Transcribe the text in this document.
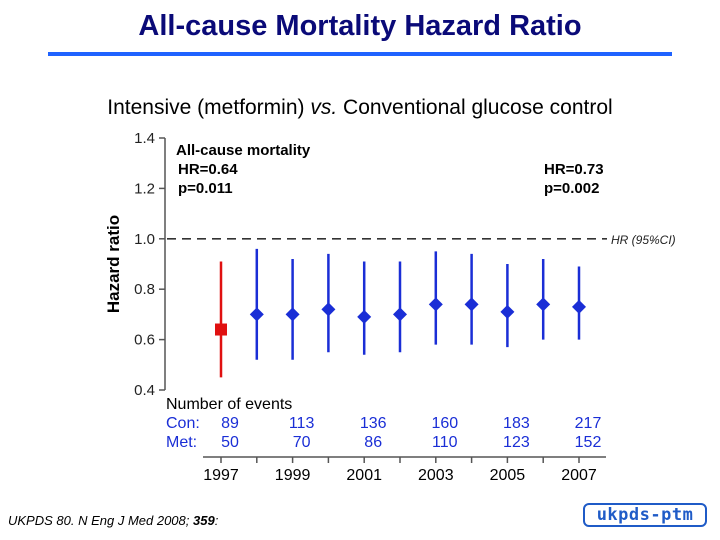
All-cause Mortality Hazard Ratio
Intensive (metformin) vs. Conventional glucose control
0.4
0.6
0.8
1.0
1.2
1.4
Hazard ratio	HR (95%CI)
All-cause mortality
HR=0.64
p=0.011
HR=0.73
p=0.002
Number of events
Con:
Met:
89
50
113
70
136
86
160
110
183
123
217
152
1997 1999 2001 2003 2005 2007
UKPDS 80. N Eng J Med 2008; 359:	ukpds-ptm
